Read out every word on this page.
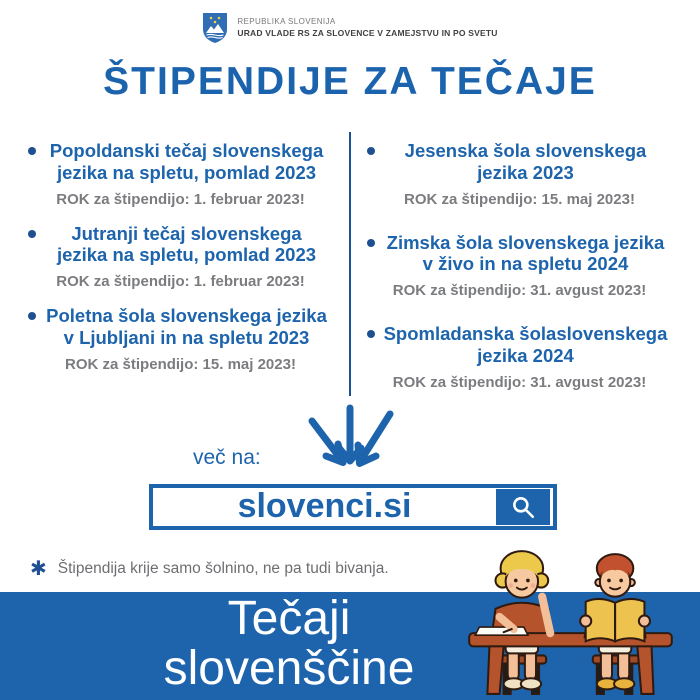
REPUBLIKA SLOVENIJA
URAD VLADE RS ZA SLOVENCE V ZAMEJSTVU IN PO SVETU
ŠTIPENDIJE ZA TEČAJE

Popoldanski tečaj slovenskega jezika na spletu, pomlad 2023

ROK za štipendijo: 1. februar 2023!

Jutranji tečaj slovenskega jezika na spletu, pomlad 2023

ROK za štipendijo: 1. februar 2023!

Poletna šola slovenskega jezika v Ljubljani in na spletu 2023

ROK za štipendijo: 15. maj 2023!

Jesenska šola slovenskega jezika 2023

ROK za štipendijo: 15. maj 2023!

Zimska šola slovenskega jezika v živo in na spletu 2024

ROK za štipendijo: 31. avgust 2023!

Spomladanska šolaslovenskega jezika 2024

ROK za štipendijo: 31. avgust 2023!

več na:
slovenci.si
✱ Štipendija krije samo šolnino, ne pa tudi bivanja.
Tečaji
slovenščine
